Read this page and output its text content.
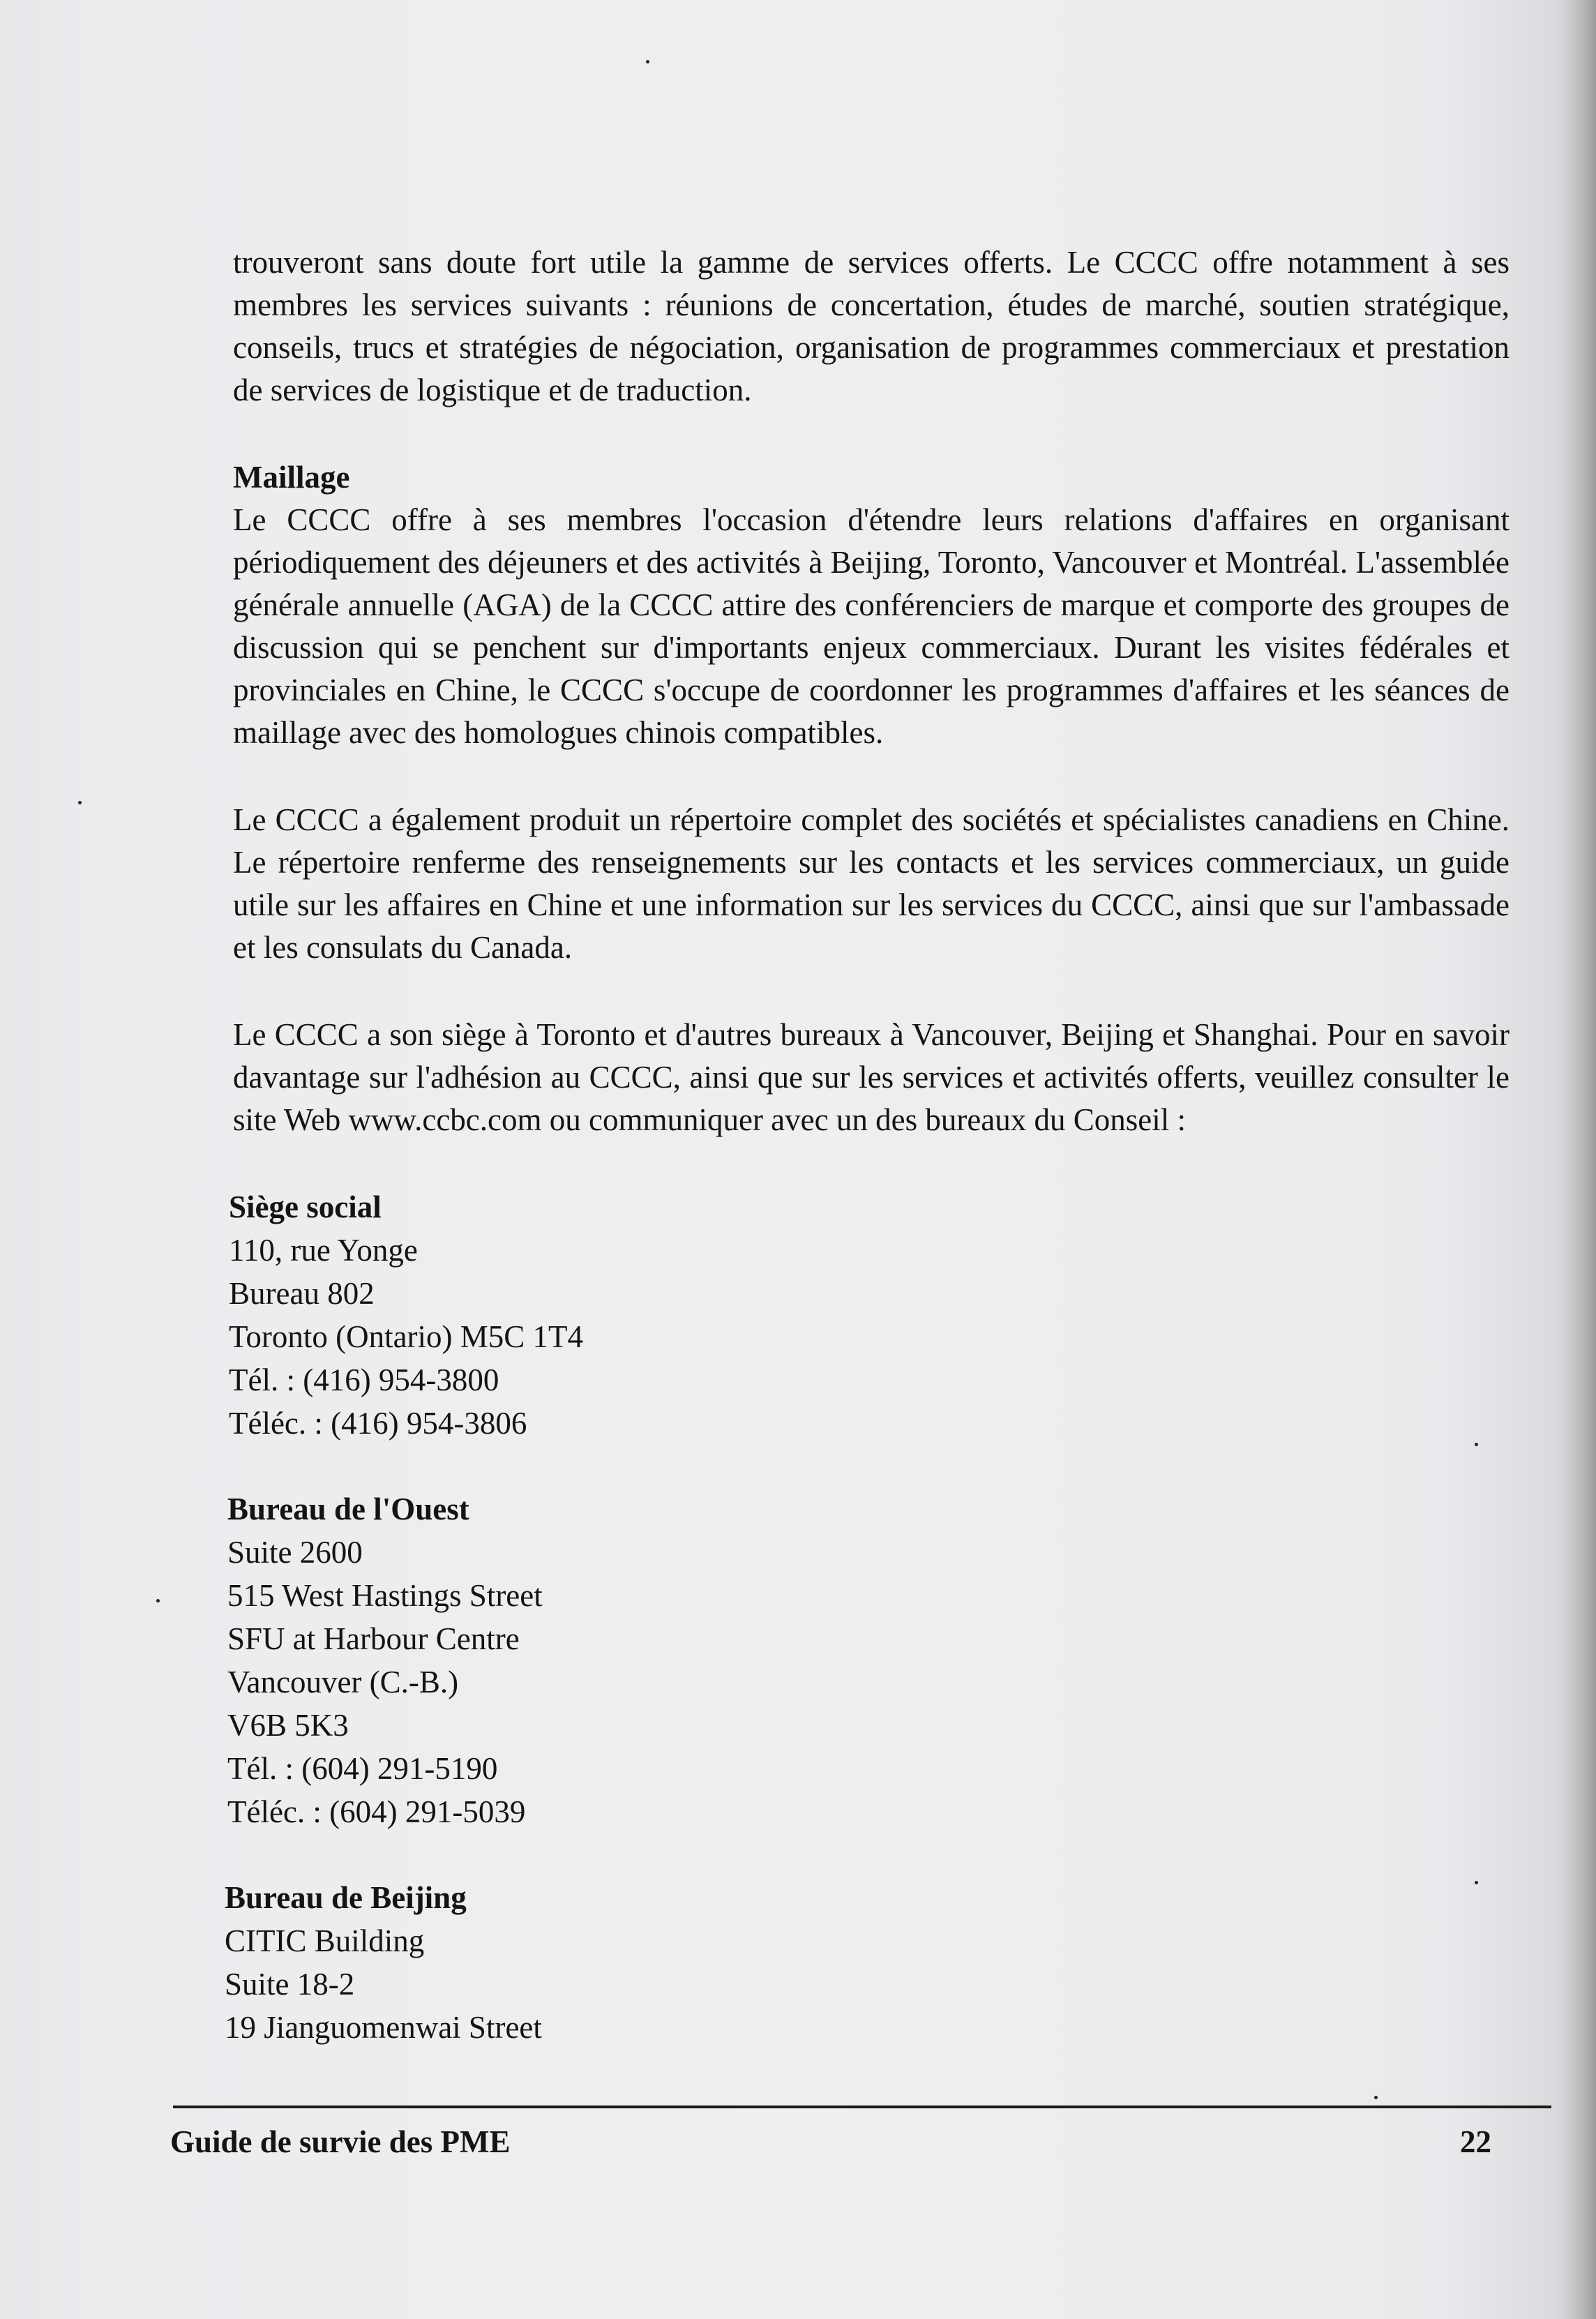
trouveront sans doute fort utile la gamme de services offerts. Le CCCC offre notamment à ses membres les services suivants : réunions de concertation, études de marché, soutien stratégique, conseils, trucs et stratégies de négociation, organisation de programmes commerciaux et prestation de services de logistique et de traduction.

Maillage

Le CCCC offre à ses membres l'occasion d'étendre leurs relations d'affaires en organisant périodiquement des déjeuners et des activités à Beijing, Toronto, Vancouver et Montréal. L'assemblée générale annuelle (AGA) de la CCCC attire des conférenciers de marque et comporte des groupes de discussion qui se penchent sur d'importants enjeux commerciaux. Durant les visites fédérales et provinciales en Chine, le CCCC s'occupe de coordonner les programmes d'affaires et les séances de maillage avec des homologues chinois compatibles.

Le CCCC a également produit un répertoire complet des sociétés et spécialistes canadiens en Chine. Le répertoire renferme des renseignements sur les contacts et les services commerciaux, un guide utile sur les affaires en Chine et une information sur les services du CCCC, ainsi que sur l'ambassade et les consulats du Canada.

Le CCCC a son siège à Toronto et d'autres bureaux à Vancouver, Beijing et Shanghai. Pour en savoir davantage sur l'adhésion au CCCC, ainsi que sur les services et activités offerts, veuillez consulter le site Web www.ccbc.com ou communiquer avec un des bureaux du Conseil :

Siège social

110, rue Yonge

Bureau 802

Toronto (Ontario) M5C 1T4

Tél. : (416) 954-3800

Téléc. : (416) 954-3806

Bureau de l'Ouest

Suite 2600

515 West Hastings Street

SFU at Harbour Centre

Vancouver (C.-B.)

V6B 5K3

Tél. : (604) 291-5190

Téléc. : (604) 291-5039

Bureau de Beijing

CITIC Building

Suite 18-2

19 Jianguomenwai Street

Guide de survie des PME	22
